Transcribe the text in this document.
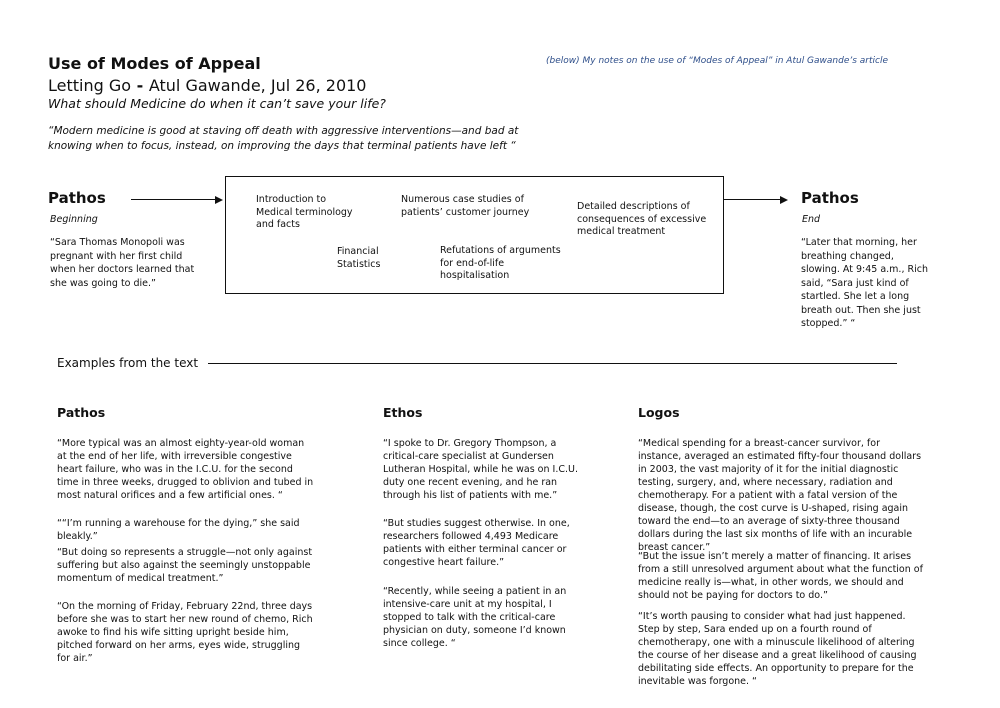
Use of Modes of Appeal
Letting Go - Atul Gawande, Jul 26, 2010
What should Medicine do when it can’t save your life?
“Modern medicine is good at staving off death with aggressive interventions—and bad at knowing when to focus, instead, on improving the days that terminal patients have left “
(below) My notes on the use of “Modes of Appeal” in Atul Gawande’s article
Pathos
Beginning
“Sara Thomas Monopoli was pregnant with her first child when her doctors learned that she was going to die.”
Introduction to Medical terminology and facts
Numerous case studies of patients’ customer journey	Detailed descriptions of consequences of excessive medical treatment
Financial Statistics
Refutations of arguments for end-of-life hospitalisation
Pathos
End
“Later that morning, her breathing changed, slowing. At 9:45 a.m., Rich said, “Sara just kind of startled. She let a long breath out. Then she just stopped.” “
Examples from the text
Pathos
“More typical was an almost eighty-year-old woman at the end of her life, with irreversible congestive heart failure, who was in the I.C.U. for the second time in three weeks, drugged to oblivion and tubed in most natural orifices and a few artificial ones. “
““I’m running a warehouse for the dying,” she said bleakly.”
“But doing so represents a struggle—not only against suffering but also against the seemingly unstoppable momentum of medical treatment.”
“On the morning of Friday, February 22nd, three days before she was to start her new round of chemo, Rich awoke to find his wife sitting upright beside him, pitched forward on her arms, eyes wide, struggling for air.”
Ethos
“I spoke to Dr. Gregory Thompson, a critical-care specialist at Gundersen Lutheran Hospital, while he was on I.C.U. duty one recent evening, and he ran through his list of patients with me.”
“But studies suggest otherwise. In one, researchers followed 4,493 Medicare patients with either terminal cancer or congestive heart failure.”
“Recently, while seeing a patient in an intensive-care unit at my hospital, I stopped to talk with the critical-care physician on duty, someone I’d known since college. “
Logos
“Medical spending for a breast-cancer survivor, for instance, averaged an estimated fifty-four thousand dollars in 2003, the vast majority of it for the initial diagnostic testing, surgery, and, where necessary, radiation and chemotherapy. For a patient with a fatal version of the disease, though, the cost curve is U-shaped, rising again toward the end—to an average of sixty-three thousand dollars during the last six months of life with an incurable breast cancer.”
“But the issue isn’t merely a matter of financing. It arises from a still unresolved argument about what the function of medicine really is—what, in other words, we should and should not be paying for doctors to do.”
“It’s worth pausing to consider what had just happened. Step by step, Sara ended up on a fourth round of chemotherapy, one with a minuscule likelihood of altering the course of her disease and a great likelihood of causing debilitating side effects. An opportunity to prepare for the inevitable was forgone. “
